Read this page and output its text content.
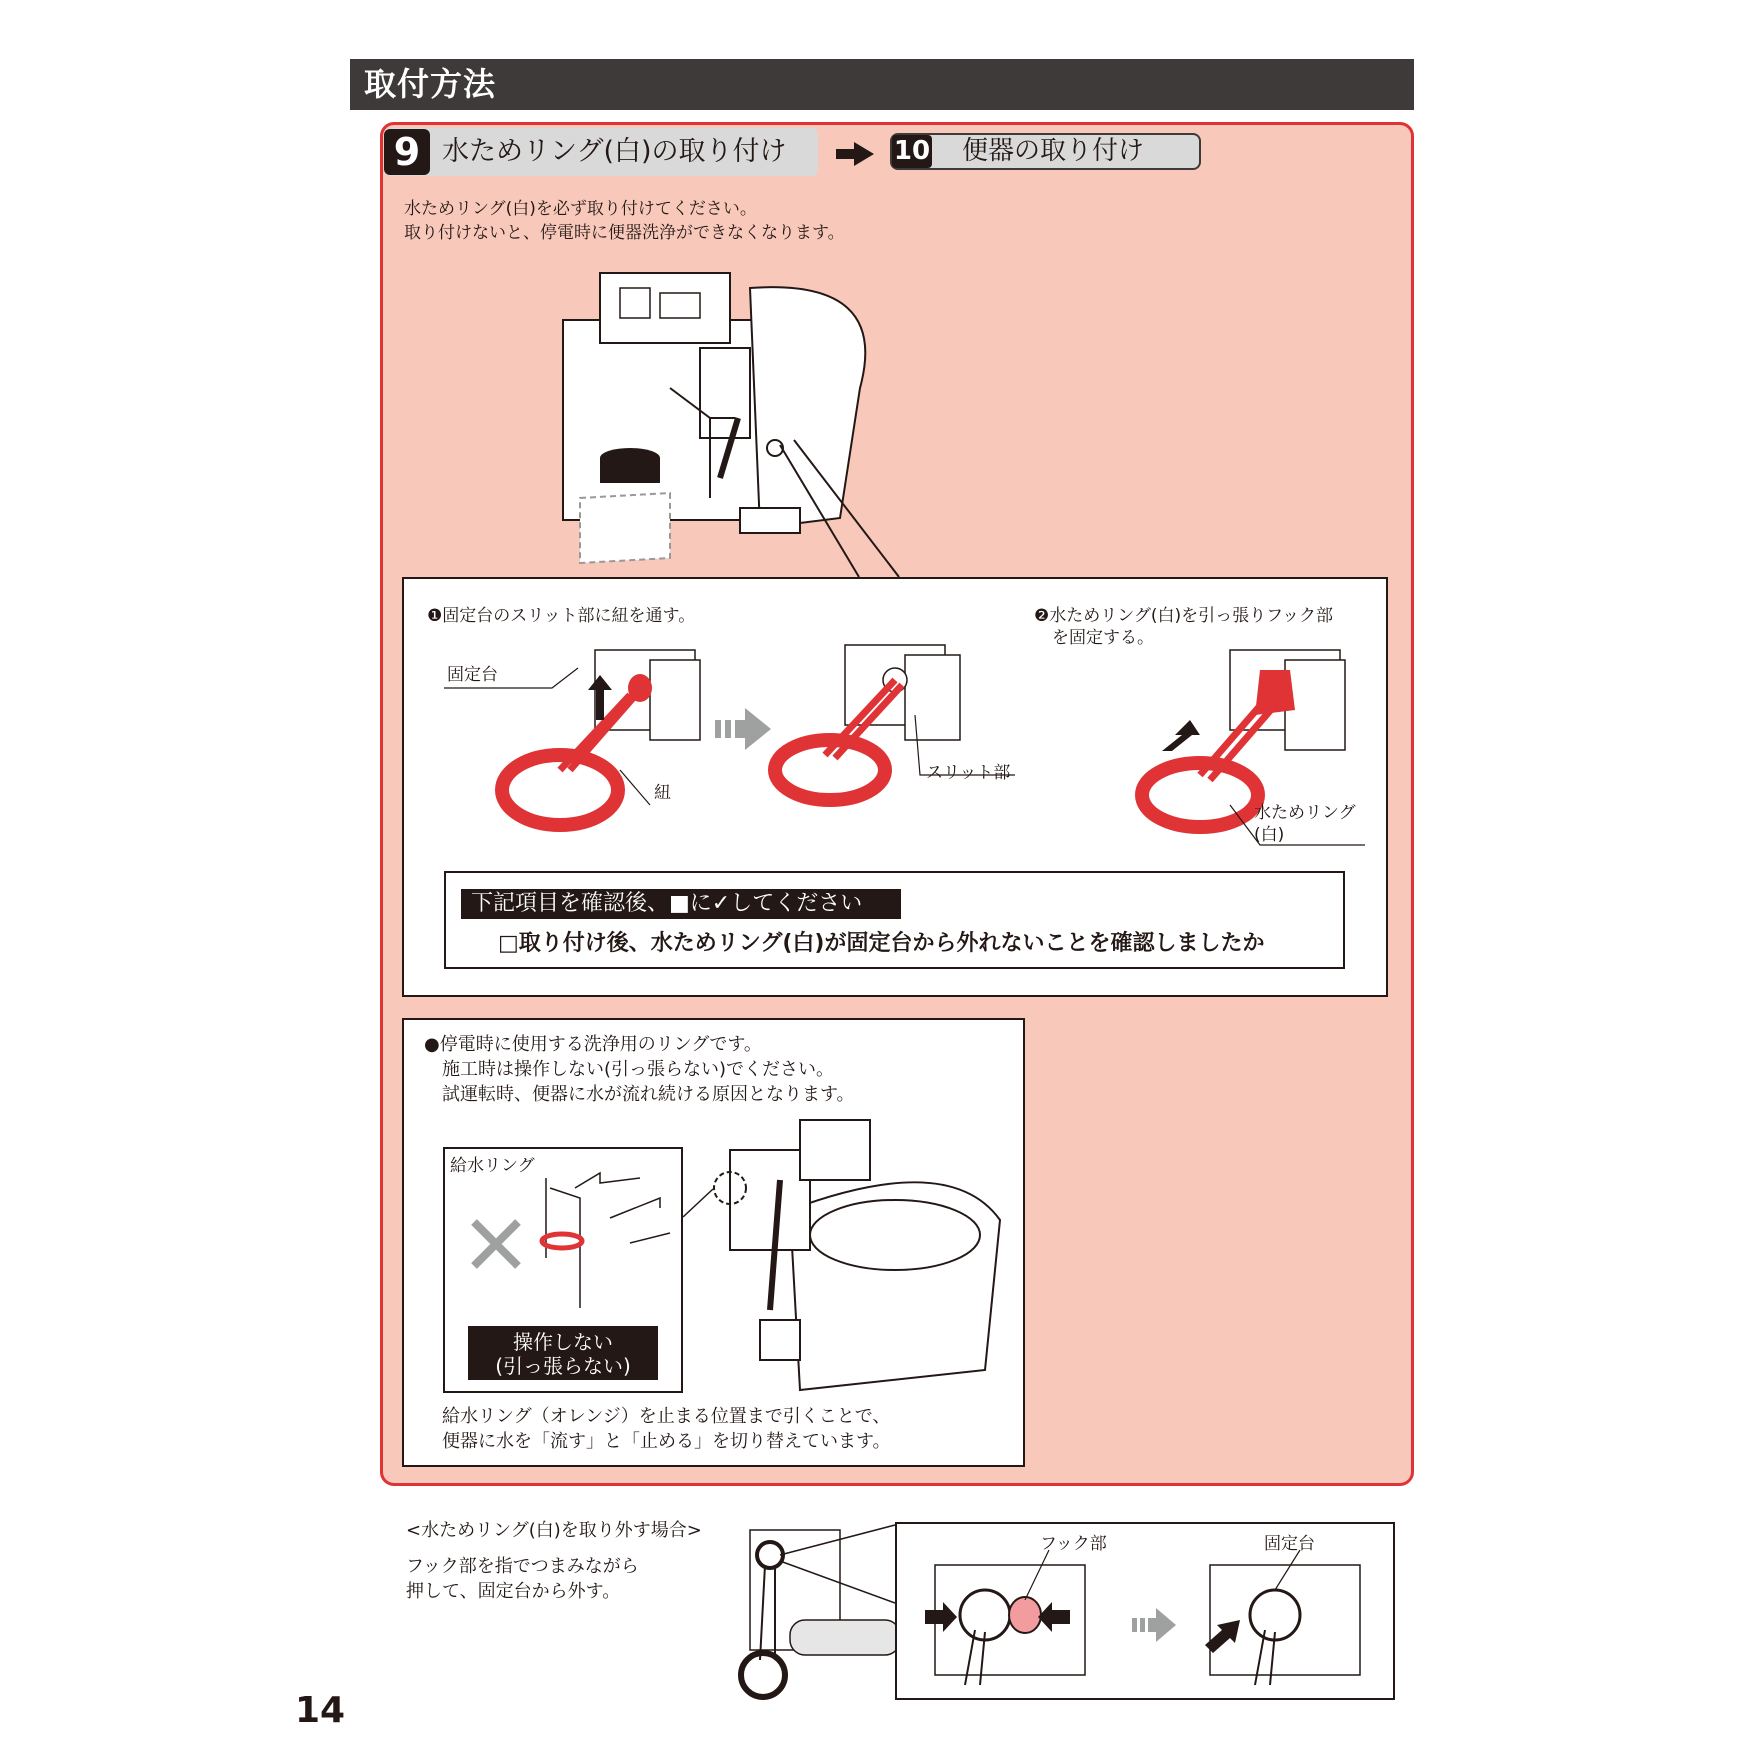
取付方法
9 水ためリング(白)の取り付け	10 便器の取り付け
水ためリング(白)を必ず取り付けてください。
取り付けないと、停電時に便器洗浄ができなくなります。
❶固定台のスリット部に紐を通す。	❷水ためリング(白)を引っ張りフック部
を固定する。
固定台
紐
スリット部
水ためリング
(白)
下記項目を確認後、■に✓してください
□取り付け後、水ためリング(白)が固定台から外れないことを確認しましたか
●停電時に使用する洗浄用のリングです。
施工時は操作しない(引っ張らない)でください。
試運転時、便器に水が流れ続ける原因となります。
給水リング
操作しない
(引っ張らない)
給水リング（オレンジ）を止まる位置まで引くことで、
便器に水を「流す」と「止める」を切り替えています。
<水ためリング(白)を取り外す場合>
フック部を指でつまみながら
押して、固定台から外す。
フック部	固定台
14
